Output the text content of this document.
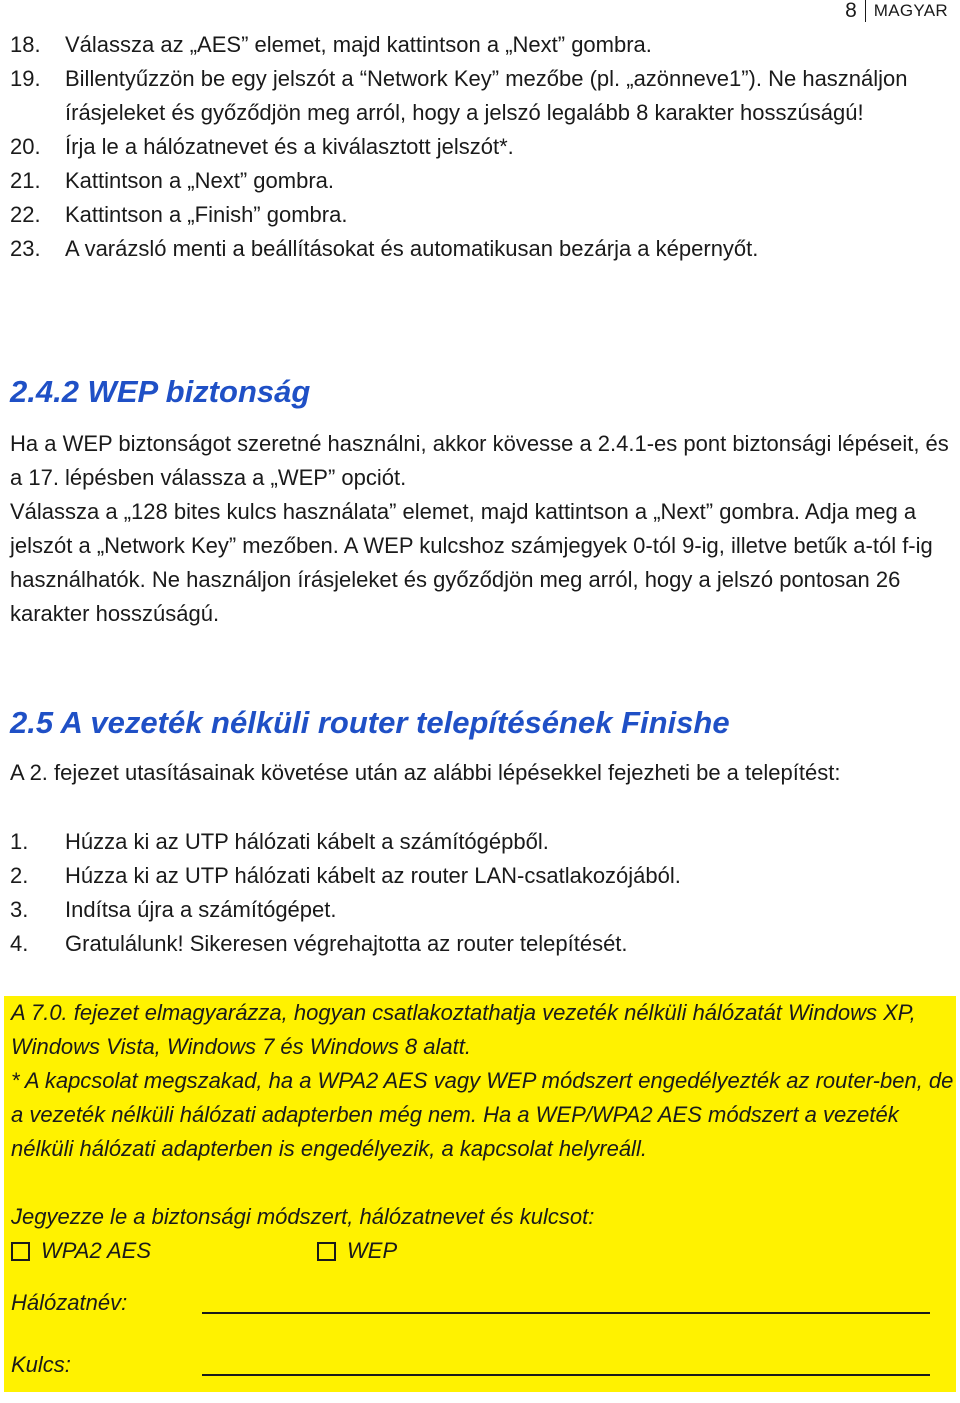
8	MAGYAR
18.	Válassza az „AES” elemet, majd kattintson a „Next” gombra.
19.	Billentyűzzön be egy jelszót a “Network Key” mezőbe (pl. „azönneve1”). Ne használjon írásjeleket és győződjön meg arról, hogy a jelszó legalább 8 karakter hosszúságú!
20.	Írja le a hálózatnevet és a kiválasztott jelszót*.
21.	Kattintson a „Next” gombra.
22.	Kattintson a „Finish” gombra.
23.	A varázsló menti a beállításokat és automatikusan bezárja a képernyőt.
2.4.2 WEP biztonság

Ha a WEP biztonságot szeretné használni, akkor kövesse a 2.4.1-es pont biztonsági lépéseit, és a 17. lépésben válassza a „WEP” opciót.

Válassza a „128 bites kulcs használata” elemet, majd kattintson a „Next” gombra. Adja meg a jelszót a „Network Key” mezőben. A WEP kulcshoz számjegyek 0-tól 9-ig, illetve betűk a-tól f-ig használhatók. Ne használjon írásjeleket és győződjön meg arról, hogy a jelszó pontosan 26 karakter hosszúságú.

2.5 A vezeték nélküli router telepítésének Finishe

A 2. fejezet utasításainak követése után az alábbi lépésekkel fejezheti be a telepítést:

1.	Húzza ki az UTP hálózati kábelt a számítógépből.
2.	Húzza ki az UTP hálózati kábelt az router LAN-csatlakozójából.
3.	Indítsa újra a számítógépet.
4.	Gratulálunk! Sikeresen végrehajtotta az router telepítését.

A 7.0. fejezet elmagyarázza, hogyan csatlakoztathatja vezeték nélküli hálózatát Windows XP, Windows Vista, Windows 7 és Windows 8 alatt.

* A kapcsolat megszakad, ha a WPA2 AES vagy WEP módszert engedélyezték az router-ben, de a vezeték nélküli hálózati adapterben még nem. Ha a WEP/WPA2 AES módszert a vezeték nélküli hálózati adapterben is engedélyezik, a kapcsolat helyreáll.

Jegyezze le a biztonsági módszert, hálózatnevet és kulcsot:

WPA2 AES	WEP
Hálózatnév:
Kulcs:
